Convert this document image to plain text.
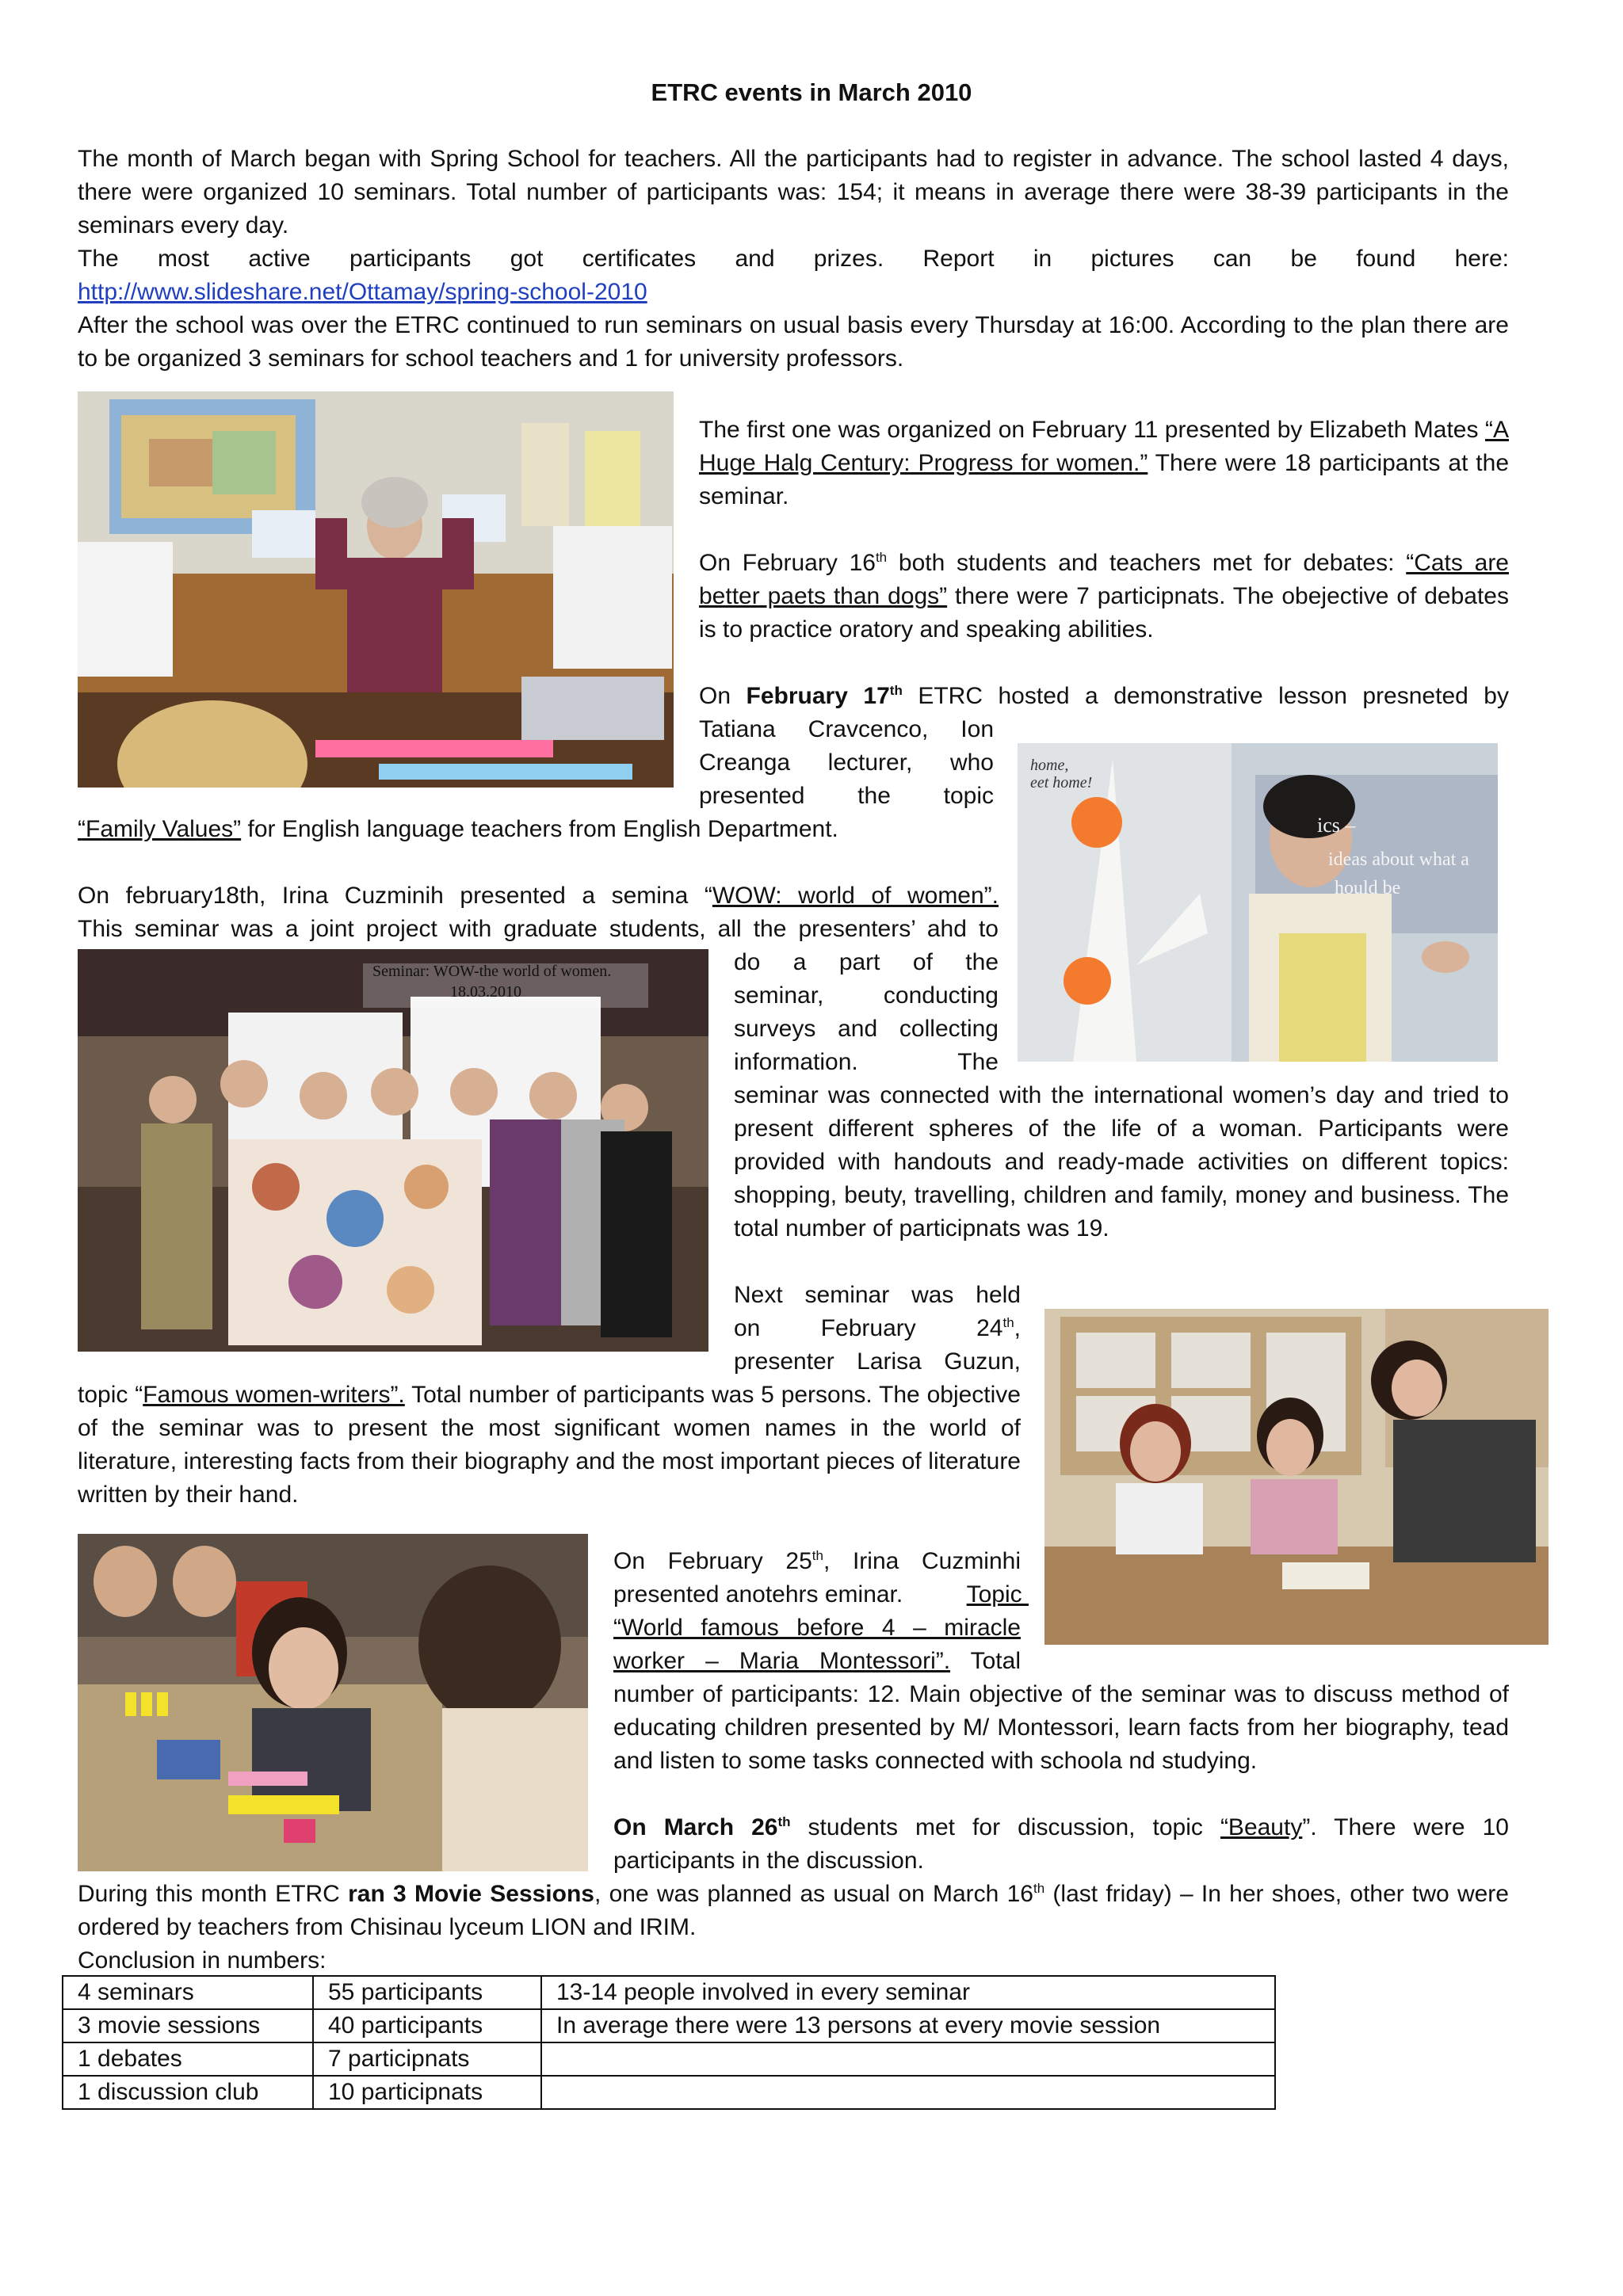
ETRC events in March 2010
The month of March began with Spring School for teachers. All the participants had to register in advance. The school lasted 4 days, there were organized 10 seminars. Total number of participants was: 154; it means in average there were 38-39 participants in the seminars every day.
The most active participants got certificates and prizes. Report in pictures can be found here:
http://www.slideshare.net/Ottamay/spring-school-2010
After the school was over the ETRC continued to run seminars on usual basis every Thursday at 16:00. According to the plan there are to be organized 3 seminars for school teachers and 1 for university professors.
The first one was organized on February 11 presented by Elizabeth Mates “A Huge Halg Century: Progress for women.” There were 18 participants at the seminar.
On February 16th both students and teachers met for debates: “Cats are better paets than dogs” there were 7 participnats. The obejective of debates is to practice oratory and speaking abilities.
On February 17th ETRC hosted a demonstrative lesson presneted by
Tatiana Cravcenco, Ion
Creanga lecturer, who
presented the topic
“Family Values” for English language teachers from English Department.
home,
eet home!
ics –
ideas about what a
hould be
On february18th, Irina Cuzminih presented a semina “WOW: world of women”.
This seminar was a joint project with graduate students, all the presenters’ ahd to
Seminar: WOW-the world of women.
18.03.2010
do a part of the
seminar, conducting
surveys and collecting
information. The
seminar was connected with the international women’s day and tried to present different spheres of the life of a woman. Participants were provided with handouts and ready-made activities on different topics: shopping, beuty, travelling, children and family, money and business. The total number of participnats was 19.
Next seminar was held
on February 24th,
presenter Larisa Guzun,
topic “Famous women-writers”. Total number of participants was 5 persons. The objective of the seminar was to present the most significant women names in the world of literature, interesting facts from their biography and the most important pieces of literature written by their hand.
On February 25th, Irina Cuzminhi
presented anotehrs eminar.	Topic
“World famous before 4 – miracle
worker – Maria Montessori”. Total
number of participants: 12. Main objective of the seminar was to discuss method of educating children presented by M/ Montessori, learn facts from her biography, tead and listen to some tasks connected with schoola nd studying.
On March 26th students met for discussion, topic “Beauty”. There were 10 participants in the discussion.
During this month ETRC ran 3 Movie Sessions, one was planned as usual on March 16th (last friday) – In her shoes, other two were ordered by teachers from Chisinau lyceum LION and IRIM.
Conclusion in numbers:
4 seminars	55 participants	13-14 people involved in every seminar
3 movie sessions	40 participants	In average there were 13 persons at every movie session
1 debates	7 participnats	
1 discussion club	10 participnats	
